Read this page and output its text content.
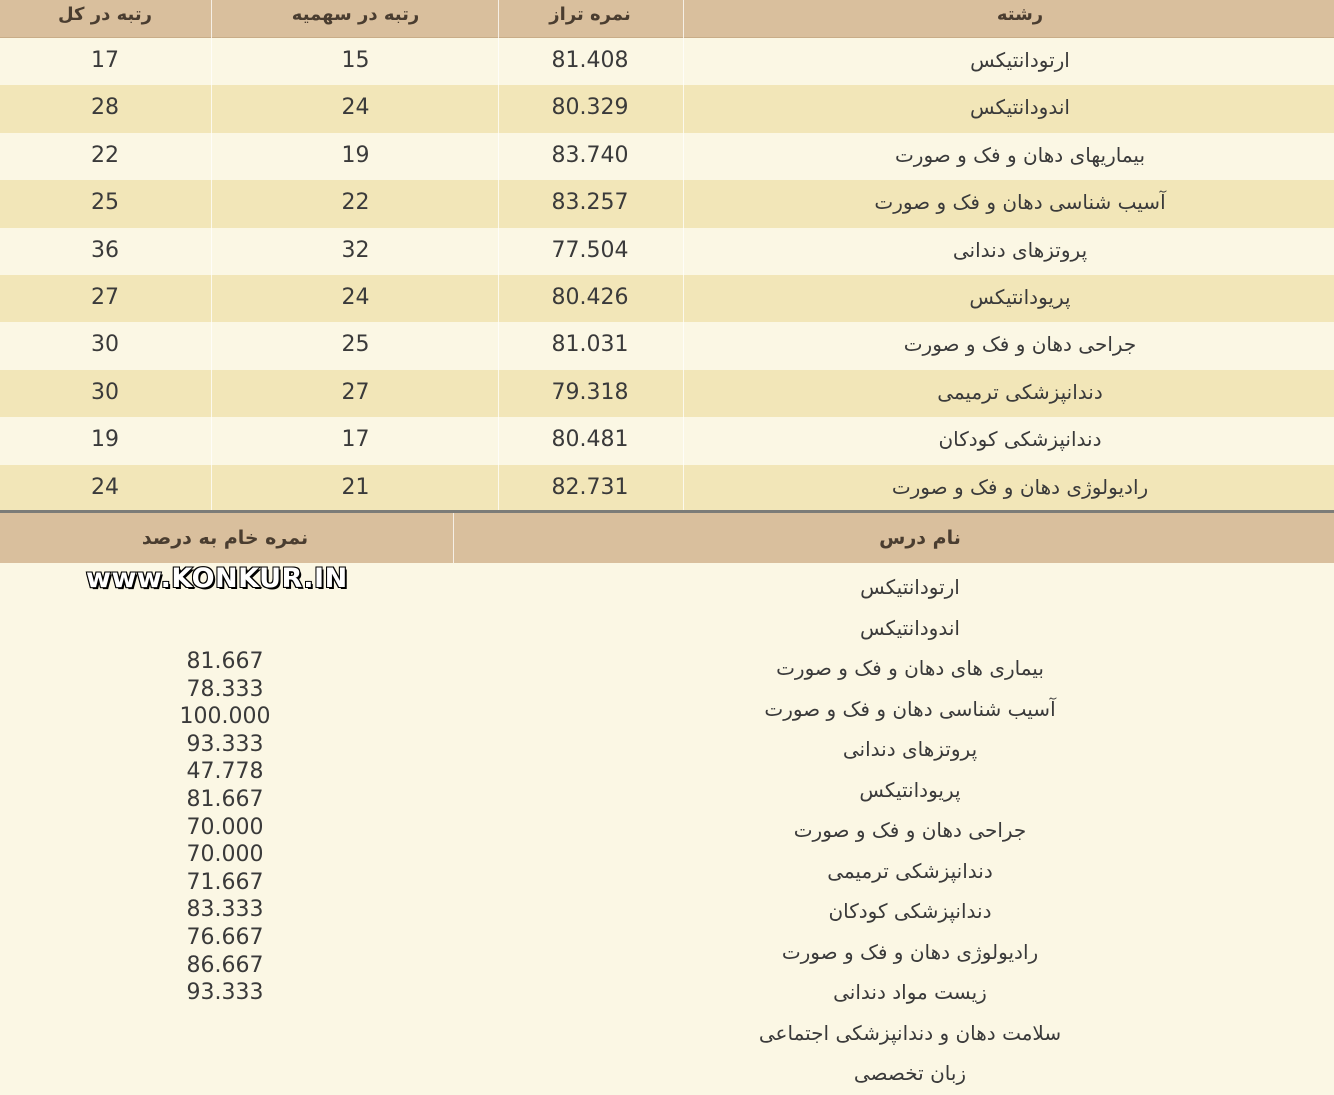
رشته
نمره تراز
رتبه در سهمیه
رتبه در کل
ارتودانتیکس
81.408
15
17
اندودانتیکس
80.329
24
28
بیماریهای دهان و فک و صورت
83.740
19
22
آسیب شناسی دهان و فک و صورت
83.257
22
25
پروتزهای دندانی
77.504
32
36
پریودانتیکس
80.426
24
27
جراحی دهان و فک و صورت
81.031
25
30
دندانپزشکی ترمیمی
79.318
27
30
دندانپزشکی کودکان
80.481
17
19
رادیولوژی دهان و فک و صورت
82.731
21
24
نام درس
نمره خام به درصد
ارتودانتیکس
اندودانتیکس
بیماری های دهان و فک و صورت
آسیب شناسی دهان و فک و صورت
پروتزهای دندانی
پریودانتیکس
جراحی دهان و فک و صورت
دندانپزشکی ترمیمی
دندانپزشکی کودکان
رادیولوژی دهان و فک و صورت
زیست مواد دندانی
سلامت دهان و دندانپزشکی اجتماعی
زبان تخصصی
81.667
78.333
100.000
93.333
47.778
81.667
70.000
70.000
71.667
83.333
76.667
86.667
93.333
www.KONKUR.IN
